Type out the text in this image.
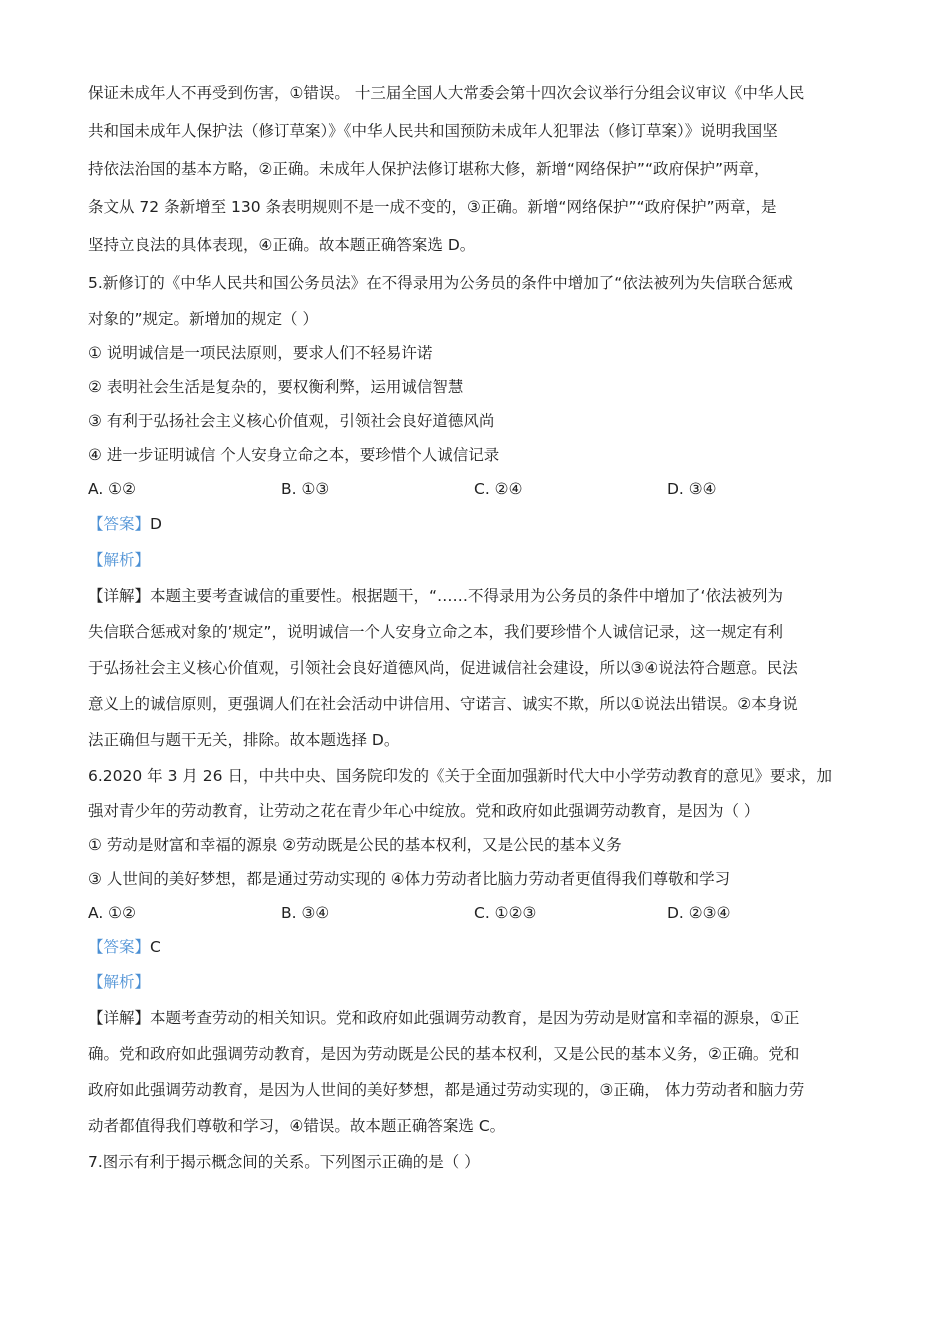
保证未成年人不再受到伤害，①错误。 十三届全国人大常委会第十四次会议举行分组会议审议《中华人民
共和国未成年人保护法（修订草案）》《中华人民共和国预防未成年人犯罪法（修订草案）》说明我国坚
持依法治国的基本方略，②正确。未成年人保护法修订堪称大修，新增“网络保护”“政府保护”两章，
条文从 72 条新增至 130 条表明规则不是一成不变的，③正确。新增“网络保护”“政府保护”两章，是
坚持立良法的具体表现，④正确。故本题正确答案选 D。
5.新修订的《中华人民共和国公务员法》在不得录用为公务员的条件中增加了“依法被列为失信联合惩戒
对象的”规定。新增加的规定（ ）
① 说明诚信是一项民法原则，要求人们不轻易许诺
② 表明社会生活是复杂的，要权衡利弊，运用诚信智慧
③ 有利于弘扬社会主义核心价值观，引领社会良好道德风尚
④ 进一步证明诚信 个人安身立命之本，要珍惜个人诚信记录
A. ①②	B. ①③	C. ②④	D. ③④
【答案】D
【解析】
【详解】本题主要考查诚信的重要性。根据题干，“……不得录用为公务员的条件中增加了‘依法被列为
失信联合惩戒对象的’规定”，说明诚信一个人安身立命之本，我们要珍惜个人诚信记录，这一规定有利
于弘扬社会主义核心价值观，引领社会良好道德风尚，促进诚信社会建设，所以③④说法符合题意。民法
意义上的诚信原则，更强调人们在社会活动中讲信用、守诺言、诚实不欺，所以①说法出错误。②本身说
法正确但与题干无关，排除。故本题选择 D。
6.2020 年 3 月 26 日，中共中央、国务院印发的《关于全面加强新时代大中小学劳动教育的意见》要求，加
强对青少年的劳动教育，让劳动之花在青少年心中绽放。党和政府如此强调劳动教育，是因为（ ）
① 劳动是财富和幸福的源泉 ②劳动既是公民的基本权利，又是公民的基本义务
③ 人世间的美好梦想，都是通过劳动实现的 ④体力劳动者比脑力劳动者更值得我们尊敬和学习
A. ①②	B. ③④	C. ①②③	D. ②③④
【答案】C
【解析】
【详解】本题考查劳动的相关知识。党和政府如此强调劳动教育，是因为劳动是财富和幸福的源泉，①正
确。党和政府如此强调劳动教育，是因为劳动既是公民的基本权利，又是公民的基本义务，②正确。党和
政府如此强调劳动教育，是因为人世间的美好梦想，都是通过劳动实现的，③正确， 体力劳动者和脑力劳
动者都值得我们尊敬和学习，④错误。故本题正确答案选 C。
7.图示有利于揭示概念间的关系。下列图示正确的是（ ）
